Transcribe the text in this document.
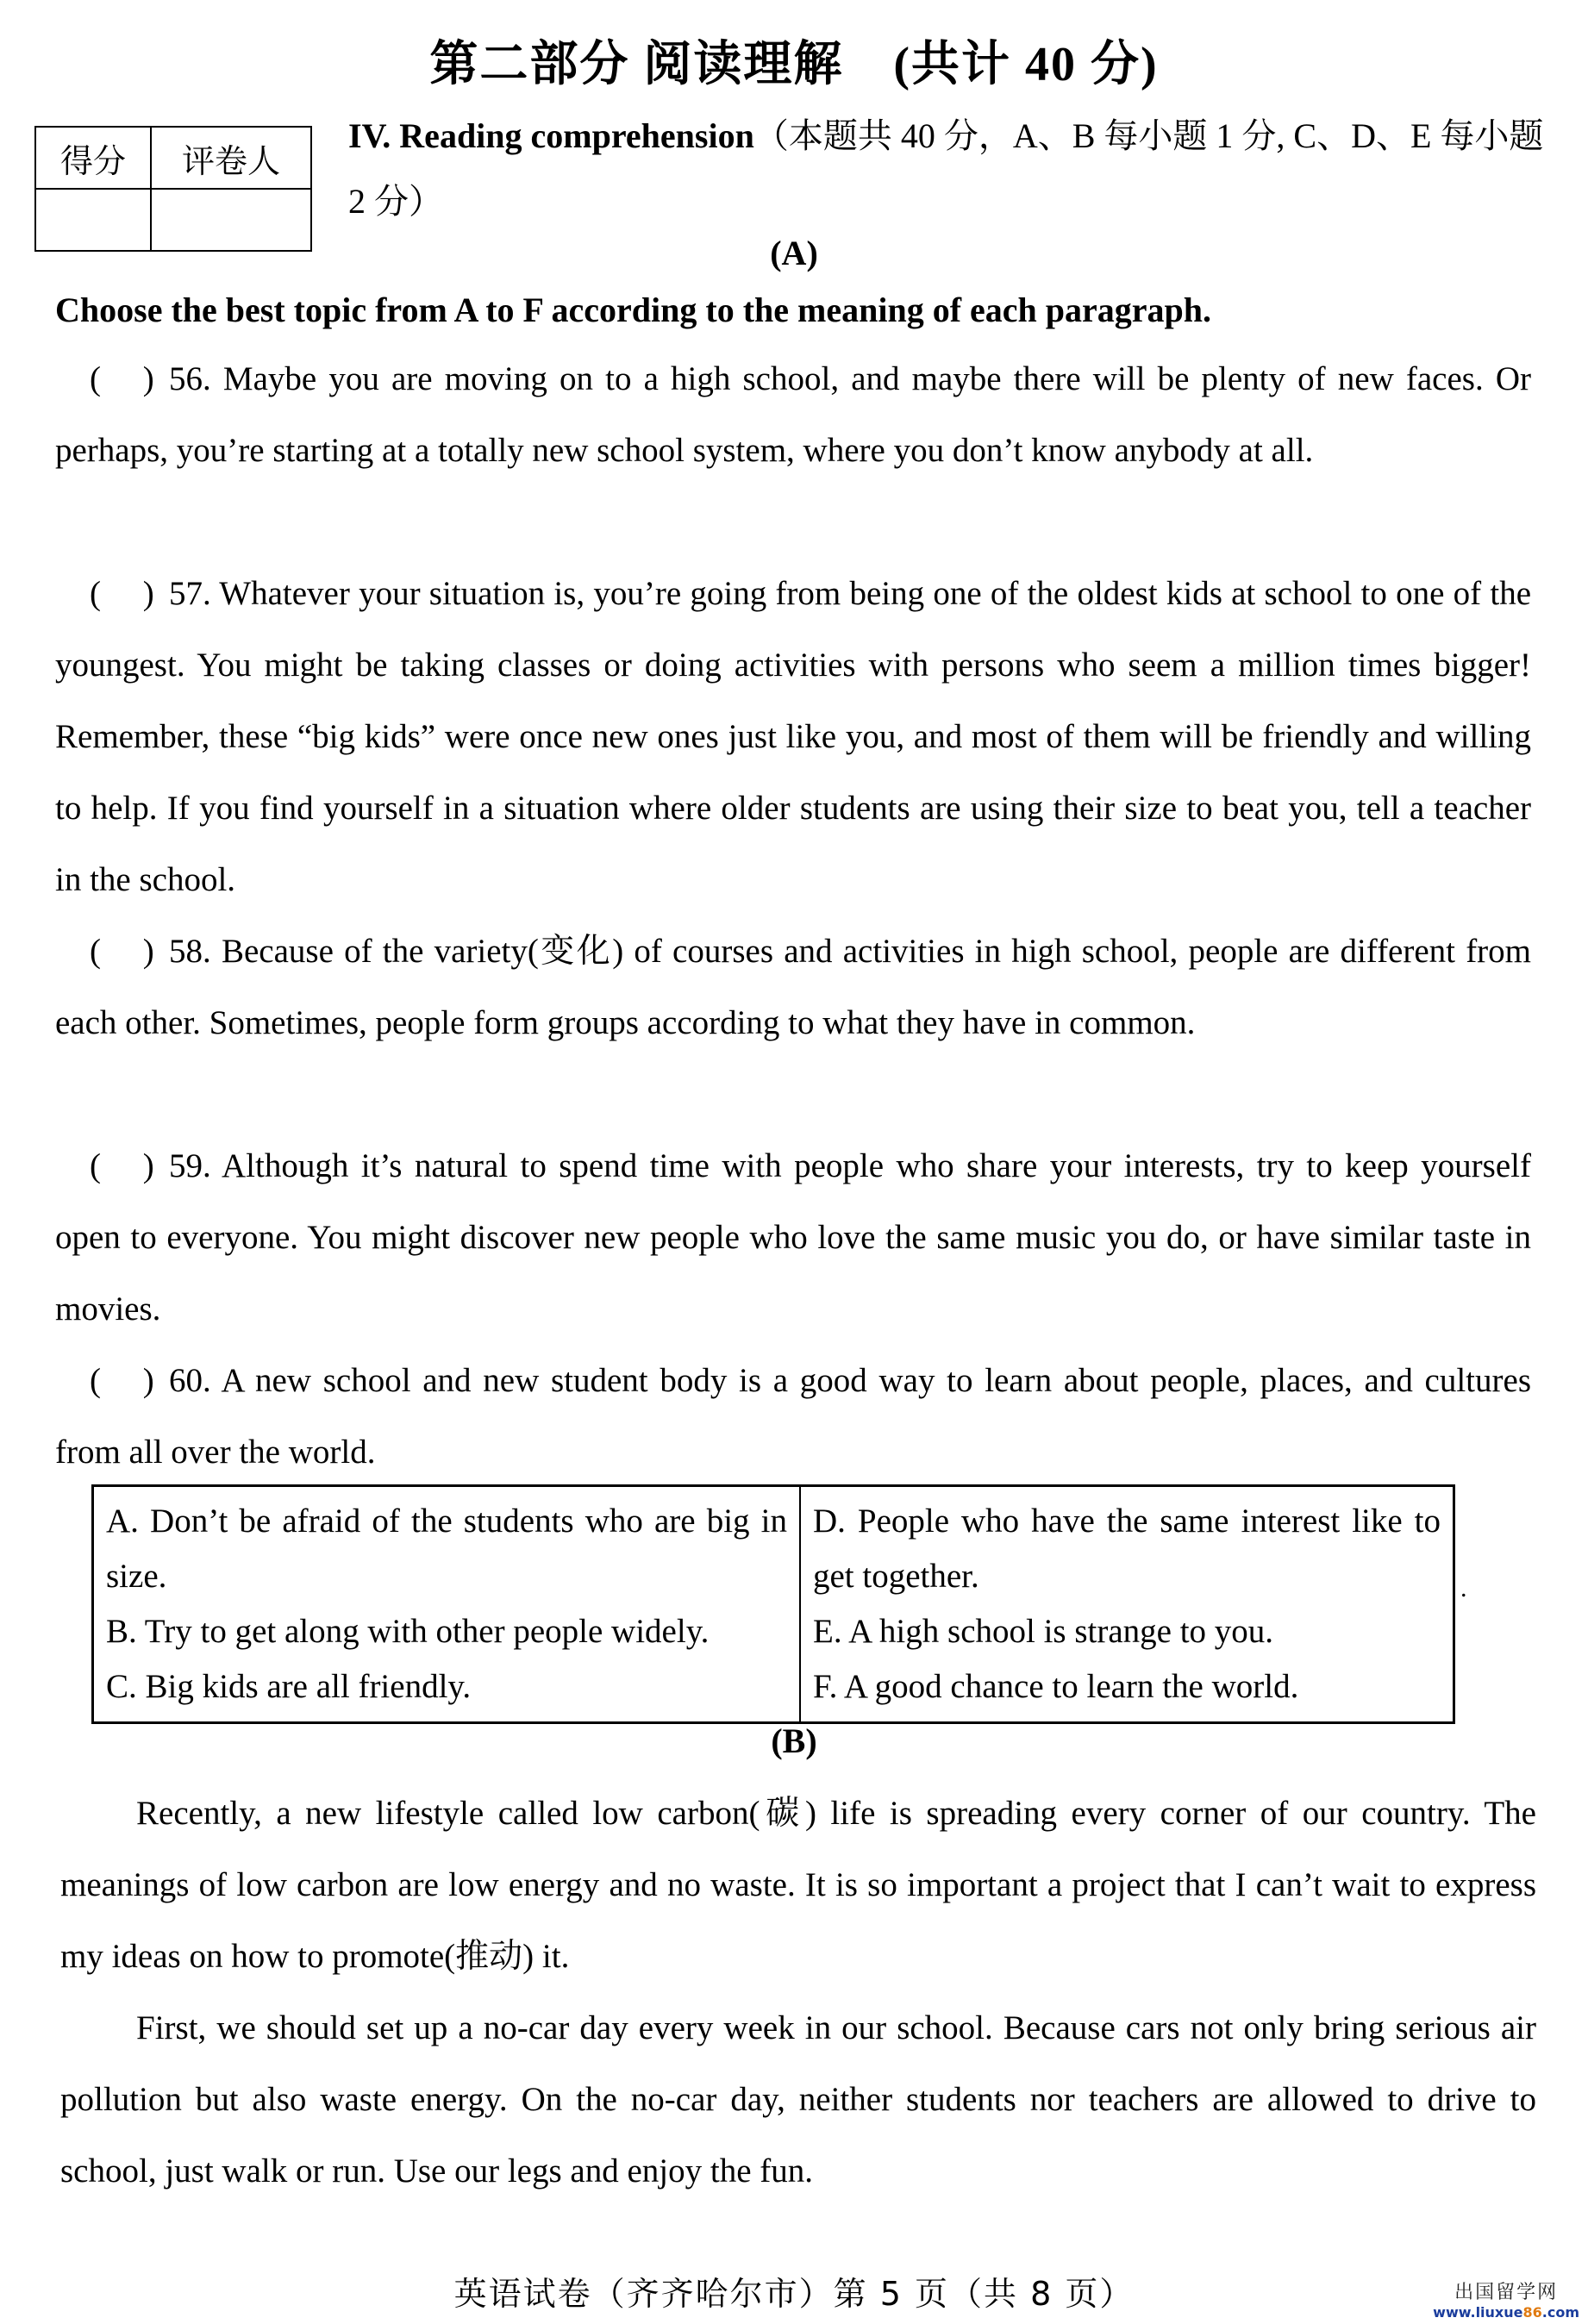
第二部分 阅读理解　(共计 40 分)
得分	评卷人

IV. Reading comprehension（本题共 40 分，A、B 每小题 1 分, C、D、E 每小题 2 分）
(A)
Choose the best topic from A to F according to the meaning of each paragraph.
(　 ) 56. Maybe you are moving on to a high school, and maybe there will be plenty of new faces. Or perhaps, you’re starting at a totally new school system, where you don’t know anybody at all.
(　 ) 57. Whatever your situation is, you’re going from being one of the oldest kids at school to one of the youngest. You might be taking classes or doing activities with persons who seem a million times bigger! Remember, these “big kids” were once new ones just like you, and most of them will be friendly and willing to help. If you find yourself in a situation where older students are using their size to beat you, tell a teacher in the school.
(　 ) 58. Because of the variety(变化) of courses and activities in high school, people are different from each other. Sometimes, people form groups according to what they have in common.
(　 ) 59. Although it’s natural to spend time with people who share your interests, try to keep yourself open to everyone. You might discover new people who love the same music you do, or have similar taste in movies.
(　 ) 60. A new school and new student body is a good way to learn about people, places, and cultures from all over the world.
A. Don’t be afraid of the students who are big in size.
B. Try to get along with other people widely.
C. Big kids are all friendly.

D. People who have the same interest like to get together.
E. A high school is strange to you.
F. A good chance to learn the world.
.
(B)
Recently, a new lifestyle called low carbon(碳) life is spreading every corner of our country. The meanings of low carbon are low energy and no waste. It is so important a project that I can’t wait to express my ideas on how to promote(推动) it.
First, we should set up a no-car day every week in our school. Because cars not only bring serious air pollution but also waste energy. On the no-car day, neither students nor teachers are allowed to drive to school, just walk or run. Use our legs and enjoy the fun.
英语试卷（齐齐哈尔市）第 5 页（共 8 页）	出国留学网
www.liuxue86.com
